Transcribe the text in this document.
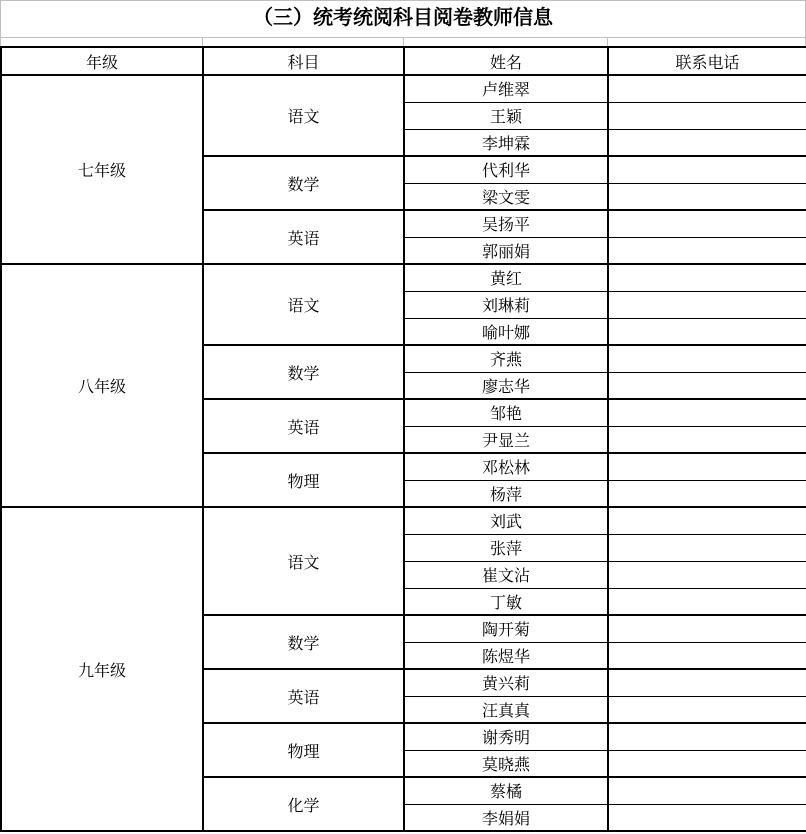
（三）统考统阅科目阅卷教师信息
年级	科目	姓名	联系电话
七年级	语文	卢维翠	
		王颖	
		李坤霖	
	数学	代利华	
		梁文雯	
	英语	吴扬平	
		郭丽娟	
八年级	语文	黄红	
		刘琳莉	
		喻叶娜	
	数学	齐燕	
		廖志华	
	英语	邹艳	
		尹显兰	
	物理	邓松林	
		杨萍	
九年级	语文	刘武	
		张萍	
		崔文沾	
		丁敏	
	数学	陶开菊	
		陈煜华	
	英语	黄兴莉	
		汪真真	
	物理	谢秀明	
		莫晓燕	
	化学	蔡橘	
		李娟娟	
